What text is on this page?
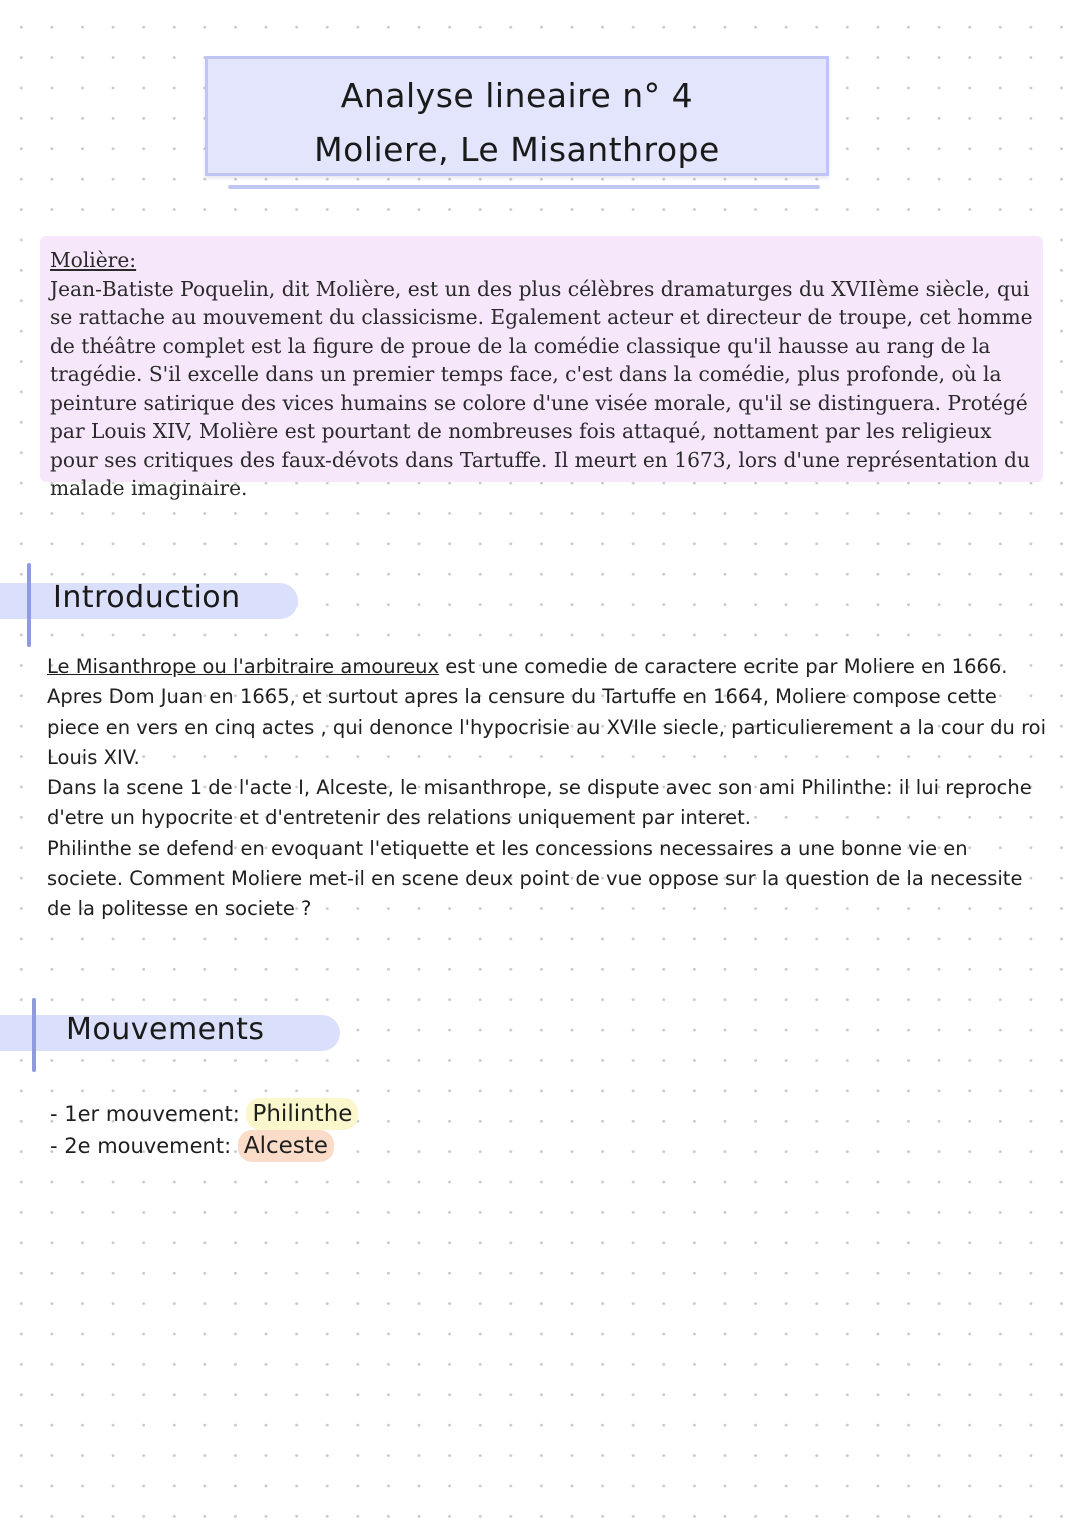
Analyse lineaire n° 4
Moliere, Le Misanthrope
Molière:
Jean-Batiste Poquelin, dit Molière, est un des plus célèbres dramaturges du XVIIème siècle, qui se rattache au mouvement du classicisme. Egalement acteur et directeur de troupe, cet homme de théâtre complet est la figure de proue de la comédie classique qu'il hausse au rang de la tragédie. S'il excelle dans un premier temps face, c'est dans la comédie, plus profonde, où la peinture satirique des vices humains se colore d'une visée morale, qu'il se distinguera. Protégé par Louis XIV, Molière est pourtant de nombreuses fois attaqué, nottament par les religieux pour ses critiques des faux-dévots dans Tartuffe. Il meurt en 1673, lors d'une représentation du malade imaginaire.
Introduction
Le Misanthrope ou l'arbitraire amoureux est une comedie de caractere ecrite par Moliere en 1666. Apres Dom Juan en 1665, et surtout apres la censure du Tartuffe en 1664, Moliere compose cette piece en vers en cinq actes , qui denonce l'hypocrisie au XVIIe siecle, particulierement a la cour du roi Louis XIV.
Dans la scene 1 de l'acte I, Alceste, le misanthrope, se dispute avec son ami Philinthe: il lui reproche d'etre un hypocrite et d'entretenir des relations uniquement par interet.
Philinthe se defend en evoquant l'etiquette et les concessions necessaires a une bonne vie en societe. Comment Moliere met-il en scene deux point de vue oppose sur la question de la necessite de la politesse en societe ?
Mouvements
- 1er mouvement: Philinthe
- 2e mouvement: Alceste
